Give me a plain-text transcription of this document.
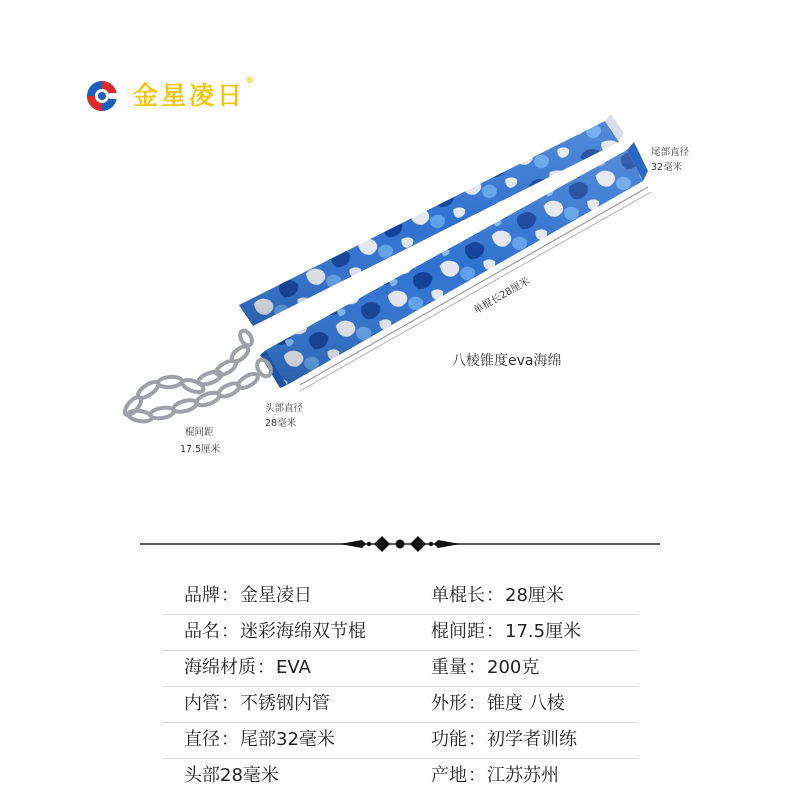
金星凌日®
单棍长28厘米
尾部直径
32毫米
头部直径
28毫米
棍间距
17.5厘米
八棱锥度eva海绵
品牌：金星凌日	单棍长：28厘米
品名：迷彩海绵双节棍	棍间距：17.5厘米
海绵材质：EVA	重量：200克
内管：不锈钢内管	外形：锥度 八棱
直径：尾部32毫米	功能：初学者训练
头部28毫米	产地：江苏苏州
